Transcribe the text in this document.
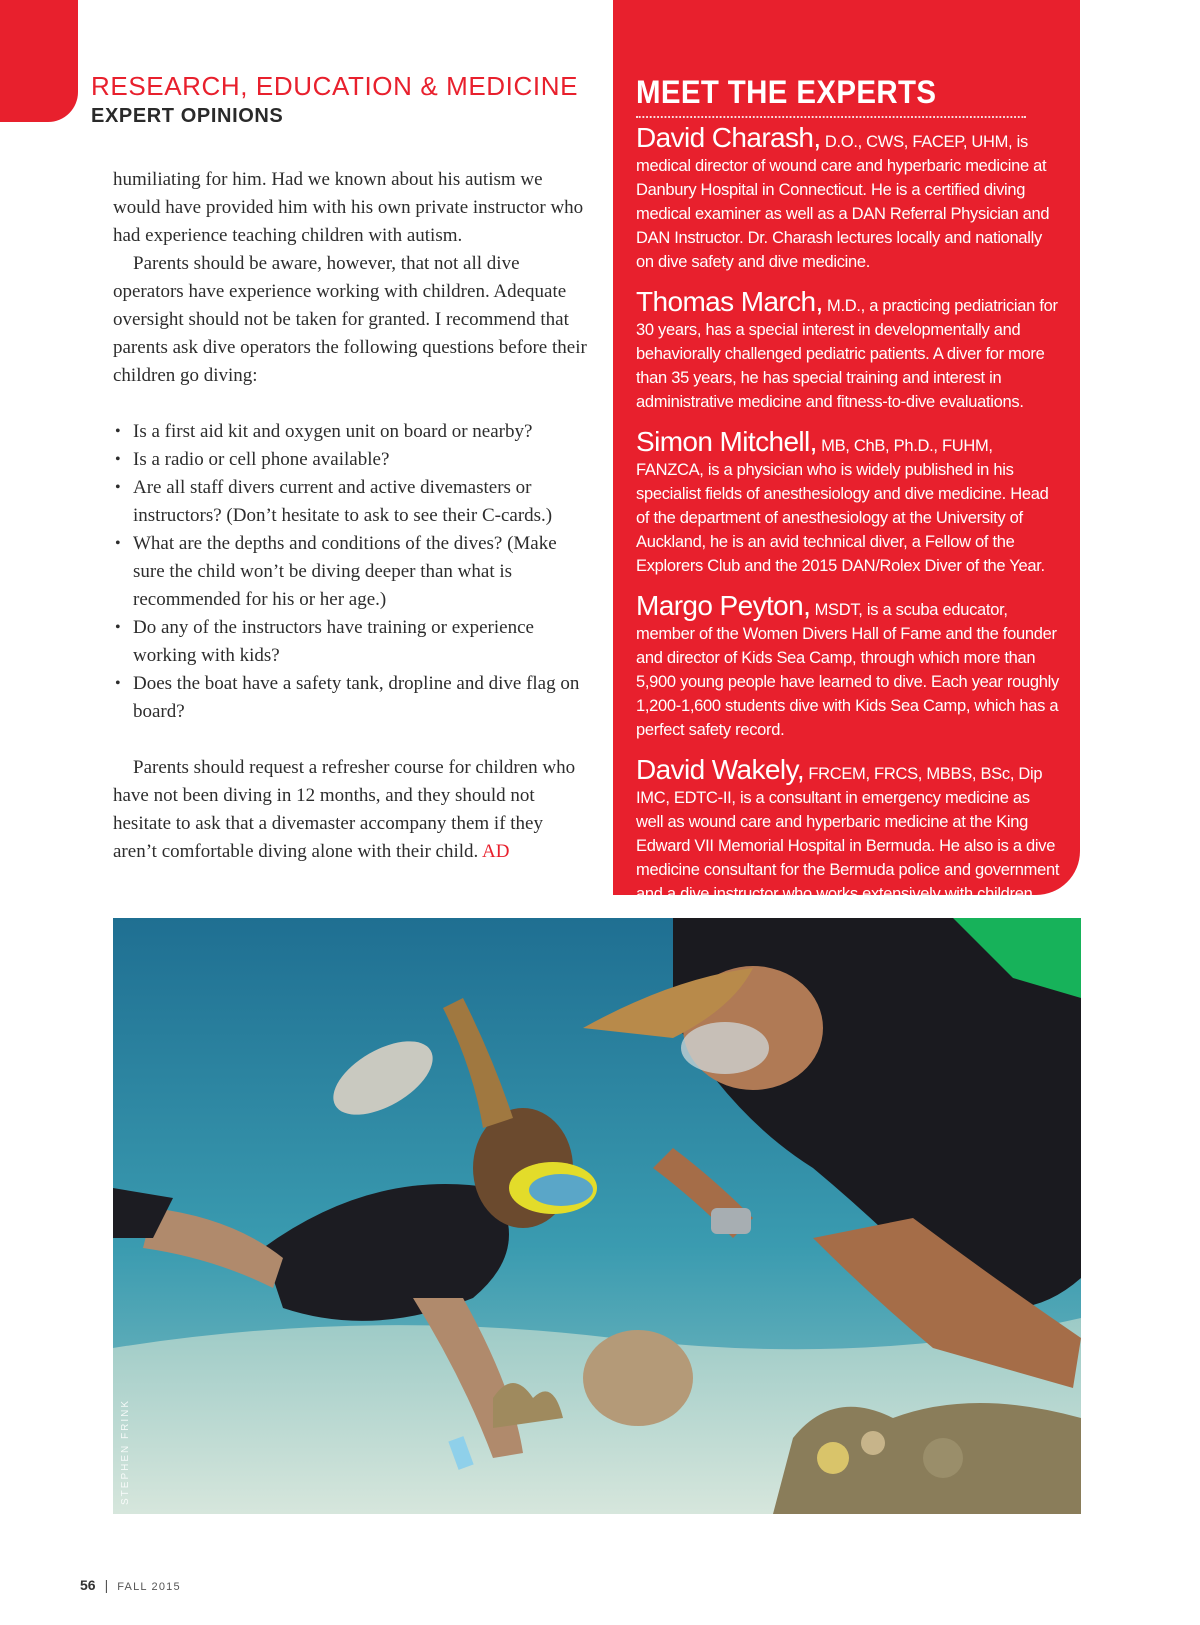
RESEARCH, EDUCATION & MEDICINE
EXPERT OPINIONS

humiliating for him. Had we known about his autism we would have provided him with his own private instructor who had experience teaching children with autism.

Parents should be aware, however, that not all dive operators have experience working with children. Adequate oversight should not be taken for granted. I recommend that parents ask dive operators the following questions before their children go diving:

• Is a first aid kit and oxygen unit on board or nearby?
• Is a radio or cell phone available?
• Are all staff divers current and active divemasters or instructors? (Don’t hesitate to ask to see their C-cards.)
• What are the depths and conditions of the dives? (Make sure the child won’t be diving deeper than what is recommended for his or her age.)
• Do any of the instructors have training or experience working with kids?
• Does the boat have a safety tank, dropline and dive flag on board?

Parents should request a refresher course for children who have not been diving in 12 months, and they should not hesitate to ask that a divemaster accompany them if they aren’t comfortable diving alone with their child. AD

MEET THE EXPERTS
David Charash, D.O., CWS, FACEP, UHM, is medical director of wound care and hyperbaric medicine at Danbury Hospital in Connecticut. He is a certified diving medical examiner as well as a DAN Referral Physician and DAN Instructor. Dr. Charash lectures locally and nationally on dive safety and dive medicine.
Thomas March, M.D., a practicing pediatrician for 30 years, has a special interest in developmentally and behaviorally challenged pediatric patients. A diver for more than 35 years, he has special training and interest in administrative medicine and fitness-to-dive evaluations.
Simon Mitchell, MB, ChB, Ph.D., FUHM, FANZCA, is a physician who is widely published in his specialist fields of anesthesiology and dive medicine. Head of the department of anesthesiology at the University of Auckland, he is an avid technical diver, a Fellow of the Explorers Club and the 2015 DAN/Rolex Diver of the Year.
Margo Peyton, MSDT, is a scuba educator, member of the Women Divers Hall of Fame and the founder and director of Kids Sea Camp, through which more than 5,900 young people have learned to dive. Each year roughly 1,200-1,600 students dive with Kids Sea Camp, which has a perfect safety record.
David Wakely, FRCEM, FRCS, MBBS, BSc, Dip IMC, EDTC-II, is a consultant in emergency medicine as well as wound care and hyperbaric medicine at the King Edward VII Memorial Hospital in Bermuda. He also is a dive medicine consultant for the Bermuda police and government and a dive instructor who works extensively with children.
STEPHEN FRINK
56 | FALL 2015
